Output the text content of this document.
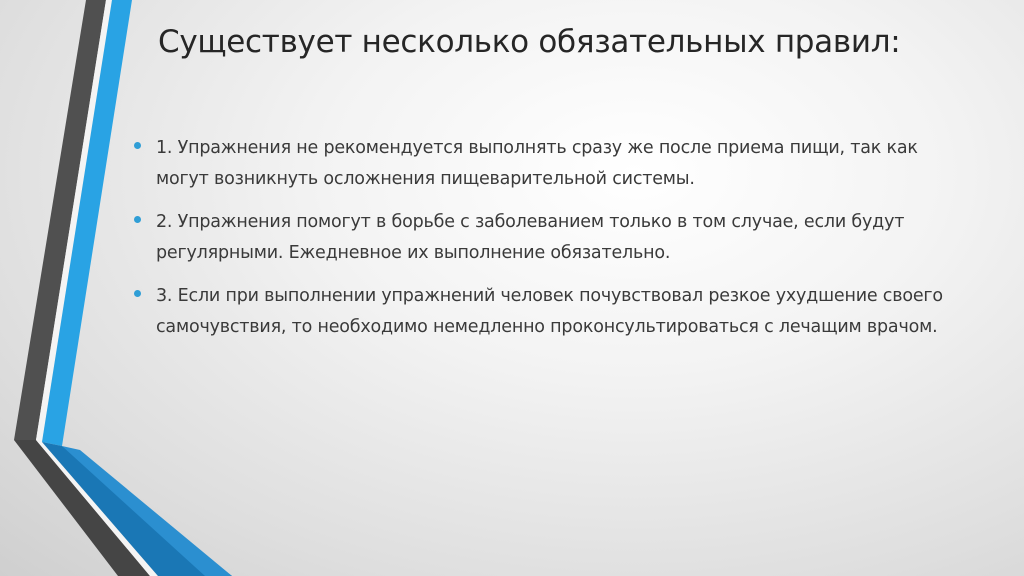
Существует несколько обязательных правил:
1. Упражнения не рекомендуется выполнять сразу же после приема пищи, так как могут возникнуть осложнения пищеварительной системы.
2. Упражнения помогут в борьбе с заболеванием только в том случае, если будут регулярными. Ежедневное их выполнение обязательно.
3. Если при выполнении упражнений человек почувствовал резкое ухудшение своего самочувствия, то необходимо немедленно проконсультироваться с лечащим врачом.
